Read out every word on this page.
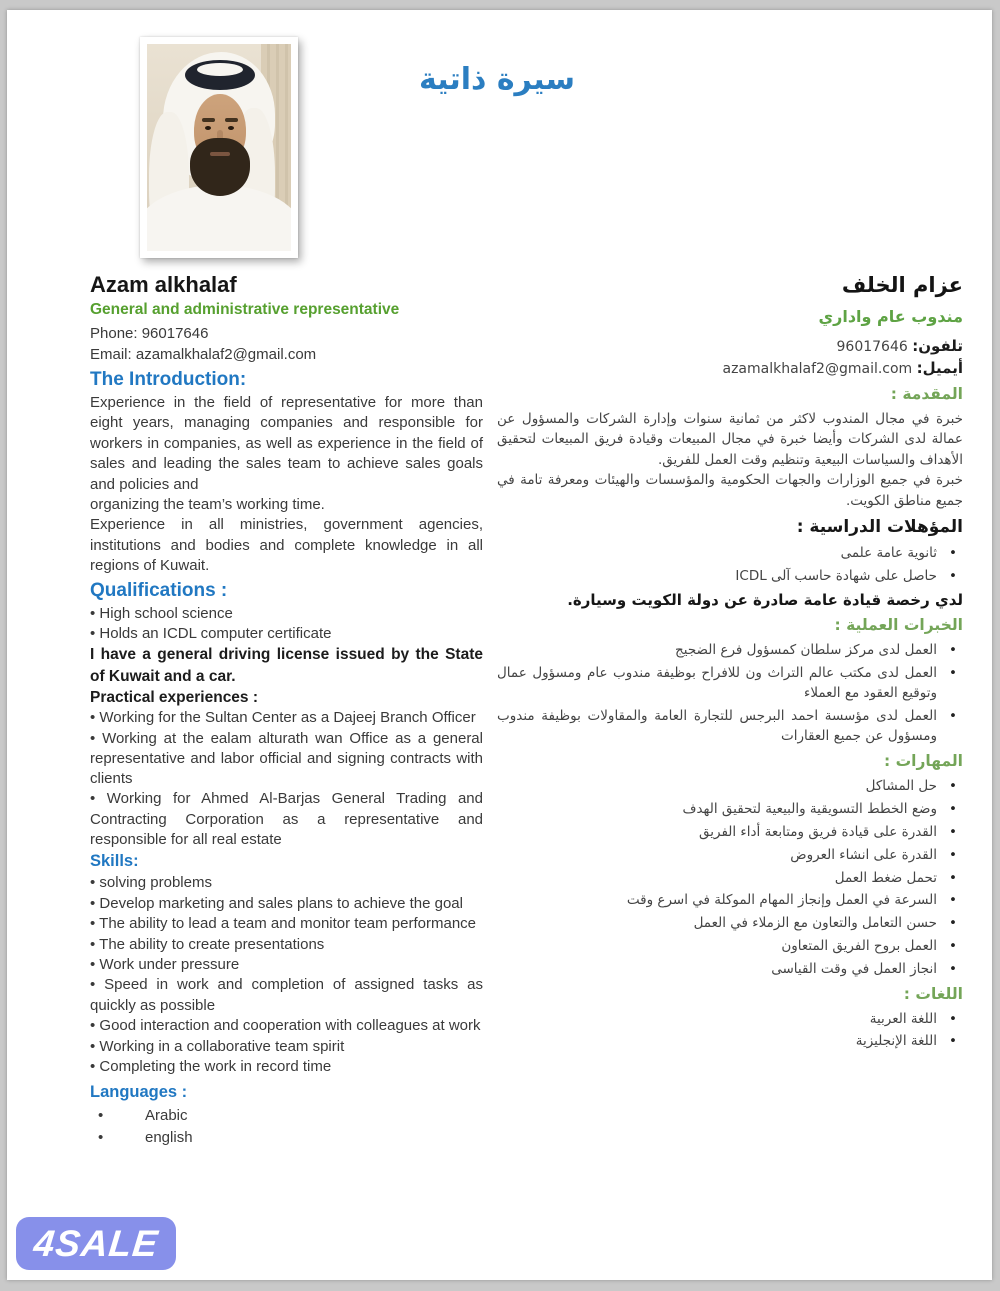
سيرة ذاتية
Azam alkhalaf
General and administrative representative
Phone: 96017646
Email: azamalkhalaf2@gmail.com
The Introduction:
Experience in the field of representative for more than eight years, managing companies and responsible for workers in companies, as well as experience in the field of sales and leading the sales team to achieve sales goals and policies and
organizing the team’s working time.
Experience in all ministries, government agencies, institutions and bodies and complete knowledge in all regions of Kuwait.
Qualifications :
• High school science
• Holds an ICDL computer certificate
I have a general driving license issued by the State of Kuwait and a car.
Practical experiences :
• Working for the Sultan Center as a Dajeej Branch Officer
• Working at the ealam alturath wan Office as a general representative and labor official and signing contracts with clients
• Working for Ahmed Al-Barjas General Trading and Contracting Corporation as a representative and responsible for all real estate
Skills:
• solving problems
• Develop marketing and sales plans to achieve the goal
• The ability to lead a team and monitor team performance
• The ability to create presentations
• Work under pressure
• Speed in work and completion of assigned tasks as quickly as possible
• Good interaction and cooperation with colleagues at work
• Working in a collaborative team spirit
• Completing the work in record time
Languages :
• Arabic
• english
عزام الخلف
مندوب عام واداري
تلفون: 96017646
أيميل: azamalkhalaf2@gmail.com
المقدمة :
خبرة في مجال المندوب لاكثر من ثمانية سنوات وإدارة الشركات والمسؤول عن عمالة لدى الشركات وأيضا خبرة في مجال المبيعات وقيادة فريق المبيعات لتحقيق الأهداف والسياسات البيعية وتنظيم وقت العمل للفريق.
خبرة في جميع الوزارات والجهات الحكومية والمؤسسات والهيئات ومعرفة تامة في جميع مناطق الكويت.
المؤهلات الدراسية :
• ثانوية عامة علمى
• حاصل على شهادة حاسب آلى ICDL
لدي رخصة قيادة عامة صادرة عن دولة الكويت وسيارة.
الخبرات العملية :
• العمل لدى مركز سلطان كمسؤول فرع الضجيج
• العمل لدى مكتب عالم التراث ون للافراح بوظيفة مندوب عام ومسؤول عمال وتوقيع العقود مع العملاء
• العمل لدى مؤسسة احمد البرجس للتجارة العامة والمقاولات بوظيفة مندوب ومسؤول عن جميع العقارات
المهارات :
• حل المشاكل
• وضع الخطط التسويقية والبيعية لتحقيق الهدف
• القدرة على قيادة فريق ومتابعة أداء الفريق
• القدرة على انشاء العروض
• تحمل ضغط العمل
• السرعة في العمل وإنجاز المهام الموكلة في اسرع وقت
• حسن التعامل والتعاون مع الزملاء في العمل
• العمل بروح الفريق المتعاون
• انجاز العمل في وقت القياسى
اللغات :
• اللغة العربية
• اللغة الإنجليزية
4SALE
